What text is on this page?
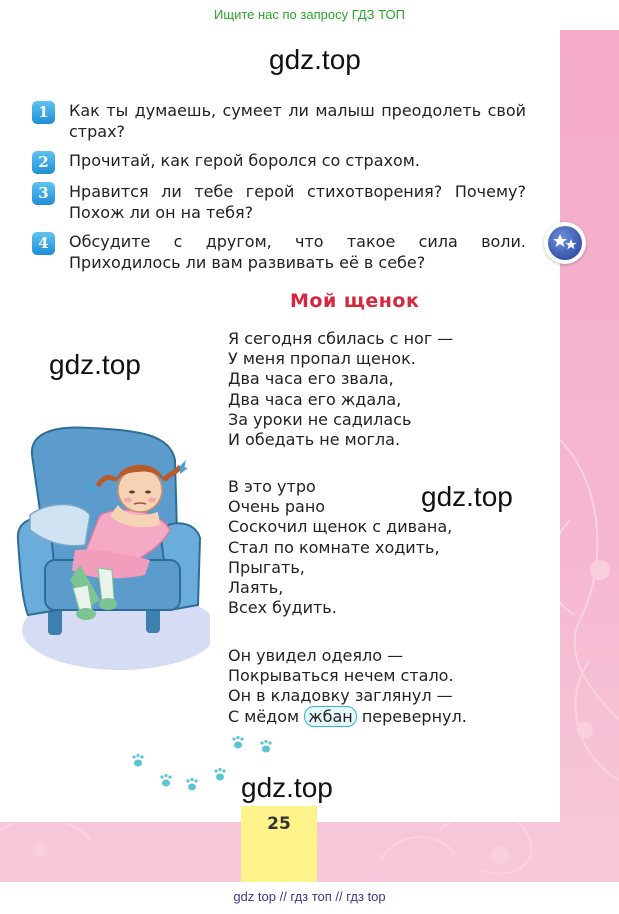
Ищите нас по запросу ГДЗ ТОП
gdz.top
gdz.top
gdz.top
gdz.top
1	Как ты думаешь, сумеет ли малыш преодолеть свой страх?
2	Прочитай, как герой боролся со страхом.
3	Нравится ли тебе герой стихотворения? Почему? Похож ли он на тебя?
4	Обсудите с другом, что такое сила воли. Приходилось ли вам развивать её в себе?
Мой щенок
Я сегодня сбилась с ног —
У меня пропал щенок.
Два часа его звала,
Два часа его ждала,
За уроки не садилась
И обедать не могла.
В это утро
Очень рано
Соскочил щенок с дивана,
Стал по комнате ходить,
Прыгать,
Лаять,
Всех будить.
Он увидел одеяло —
Покрываться нечем стало.
Он в кладовку заглянул —
С мёдом жбан перевернул.
25
gdz top // гдз топ // гдз top
